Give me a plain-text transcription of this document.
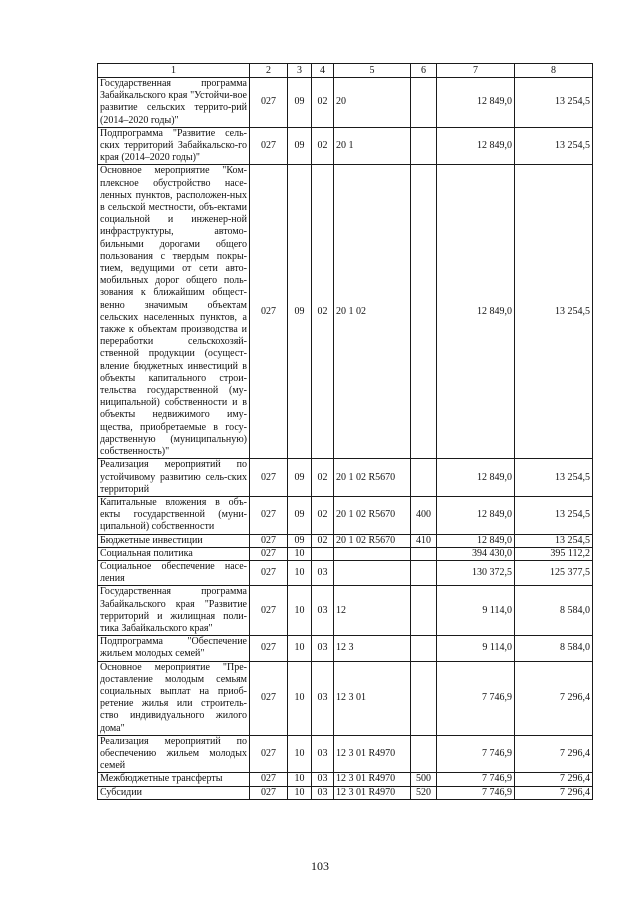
1	2	3	4	5	6	7	8
Государственная программа Забайкальского края "Устойчи-вое развитие сельских террито-рий (2014–2020 годы)"	027	09	02	20		12 849,0	13 254,5
Подпрограмма "Развитие сель-ских территорий Забайкальско-го края (2014–2020 годы)"	027	09	02	20 1		12 849,0	13 254,5
Основное мероприятие "Ком-плексное обустройство насе-ленных пунктов, расположен-ных в сельской местности, объ-ектами социальной и инженер-ной инфраструктуры, автомо-бильными дорогами общего пользования с твердым покры-тием, ведущими от сети авто-мобильных дорог общего поль-зования к ближайшим общест-венно значимым объектам сельских населенных пунктов, а также к объектам производства и переработки сельскохозяй-ственной продукции (осущест-вление бюджетных инвестиций в объекты капитального строи-тельства государственной (му-ниципальной) собственности и в объекты недвижимого иму-щества, приобретаемые в госу-дарственную (муниципальную) собственность)"	027	09	02	20 1 02		12 849,0	13 254,5
Реализация мероприятий по устойчивому развитию сель-ских территорий	027	09	02	20 1 02 R5670		12 849,0	13 254,5
Капитальные вложения в объ-екты государственной (муни-ципальной) собственности	027	09	02	20 1 02 R5670	400	12 849,0	13 254,5
Бюджетные инвестиции	027	09	02	20 1 02 R5670	410	12 849,0	13 254,5
Социальная политика	027	10				394 430,0	395 112,2
Социальное обеспечение насе-ления	027	10	03			130 372,5	125 377,5
Государственная программа Забайкальского края "Развитие территорий и жилищная поли-тика Забайкальского края"	027	10	03	12		9 114,0	8 584,0
Подпрограмма "Обеспечение жильем молодых семей"	027	10	03	12 3		9 114,0	8 584,0
Основное мероприятие "Пре-доставление молодым семьям социальных выплат на приоб-ретение жилья или строитель-ство индивидуального жилого дома"	027	10	03	12 3 01		7 746,9	7 296,4
Реализация мероприятий по обеспечению жильем молодых семей	027	10	03	12 3 01 R4970		7 746,9	7 296,4
Межбюджетные трансферты	027	10	03	12 3 01 R4970	500	7 746,9	7 296,4
Субсидии	027	10	03	12 3 01 R4970	520	7 746,9	7 296,4
103
